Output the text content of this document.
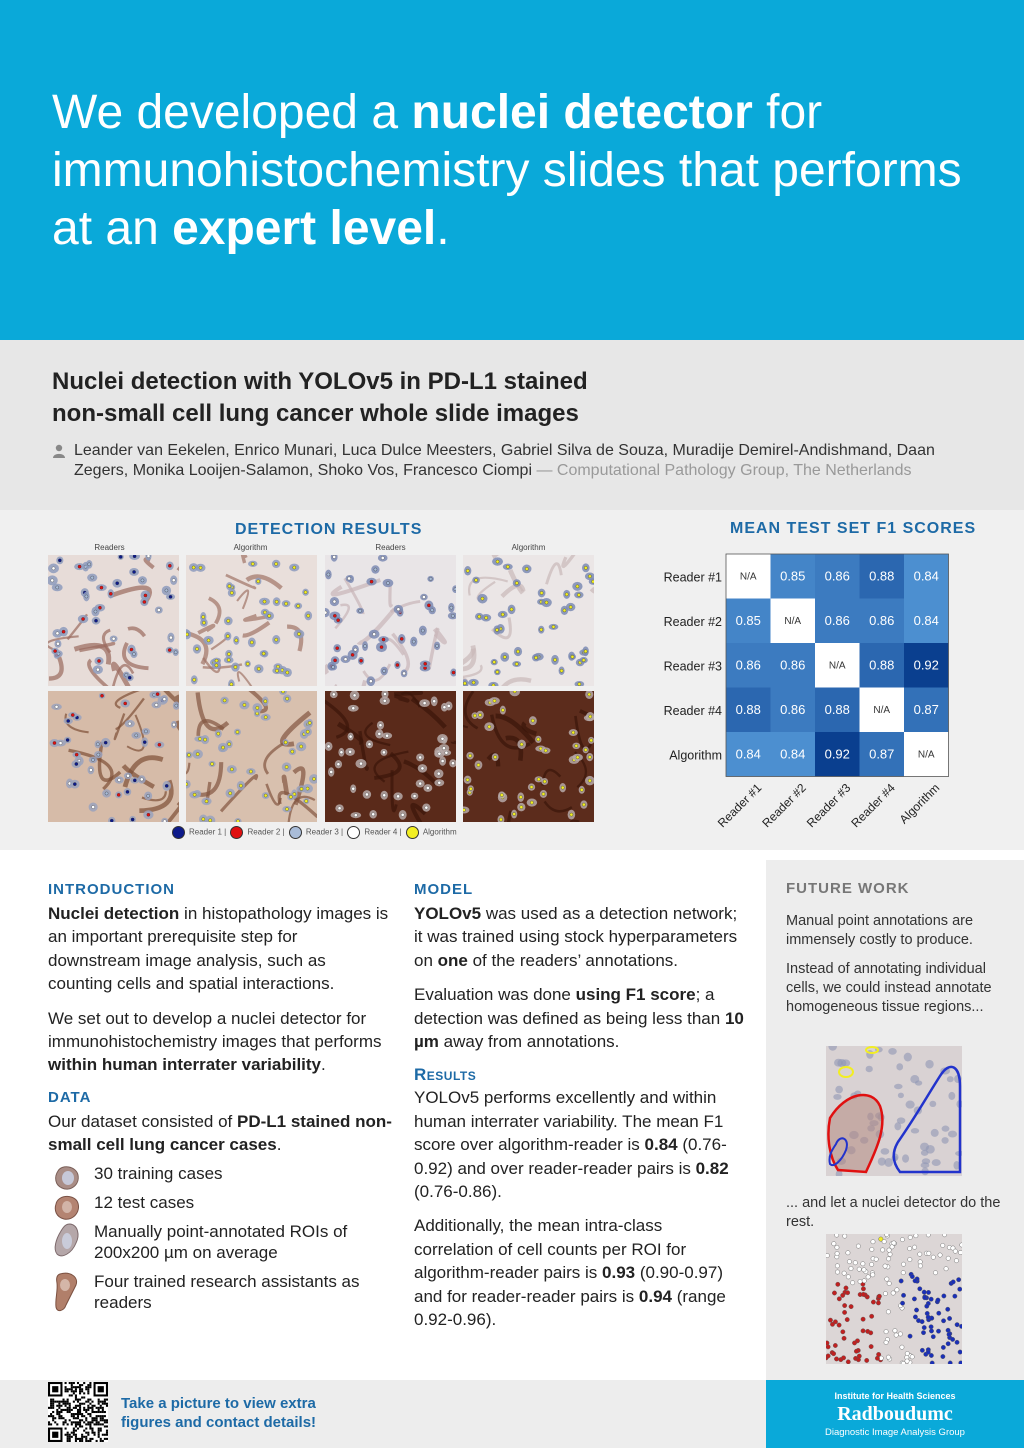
We developed a nuclei detector for immunohistochemistry slides that performs at an expert level.
Nuclei detection with YOLOv5 in PD-L1 stained
non-small cell lung cancer whole slide images
Leander van Eekelen, Enrico Munari, Luca Dulce Meesters, Gabriel Silva de Souza, Muradije Demirel-Andishmand, Daan Zegers, Monika Looijen-Salamon, Shoko Vos, Francesco Ciompi — Computational Pathology Group, The Netherlands
DETECTION RESULTS
Readers	Algorithm	Readers	Algorithm
Reader 1 |	Reader 2 |	Reader 3 |	Reader 4 |	Algorithm
MEAN TEST SET F1 SCORES
Reader #1 N/A 0.85 0.86 0.88 0.84
Reader #2 0.85 N/A 0.86 0.86 0.84
Reader #3 0.86 0.86 N/A 0.88 0.92
Reader #4 0.88 0.86 0.88 N/A 0.87
Algorithm 0.84 0.84 0.92 0.87 N/A
Reader #1
Reader #2
Reader #3
Reader #4
Algorithm
INTRODUCTION

Nuclei detection in histopathology images is an important prerequisite step for downstream image analysis, such as counting cells and spatial interactions.

We set out to develop a nuclei detector for immunohistochemistry images that performs within human interrater variability.

DATA

Our dataset consisted of PD-L1 stained non-small cell lung cancer cases.

30 training cases
12 test cases
Manually point-annotated ROIs of 200x200 µm on average
Four trained research assistants as readers
MODEL

YOLOv5 was used as a detection network; it was trained using stock hyperparameters on one of the readers’ annotations.

Evaluation was done using F1 score; a detection was defined as being less than 10 µm away from annotations.

Results

YOLOv5 performs excellently and within human interrater variability. The mean F1 score over algorithm-reader is 0.84 (0.76-0.92) and over reader-reader pairs is 0.82 (0.76-0.86).

Additionally, the mean intra-class correlation of cell counts per ROI for algorithm-reader pairs is 0.93 (0.90-0.97) and for reader-reader pairs is 0.94 (range 0.92-0.96).

FUTURE WORK

Manual point annotations are immensely costly to produce.

Instead of annotating individual cells, we could instead annotate homogeneous tissue regions...

... and let a nuclei detector do the rest.

Take a picture to view extra
figures and contact details!
Institute for Health Sciences
Radboudumc
Diagnostic Image Analysis Group
